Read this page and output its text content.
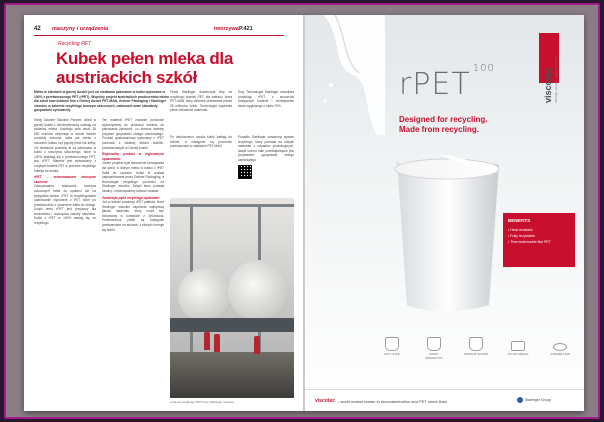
42 maszyny i urządzenia	tworzywa P.421
Recycling PET
Kubek pełen mleka dla austriackich szkół

Mleko w szkołach w górnej Austrii jest od niedawna pakowane w kubki wykonane w 100% z przetworzonego PET (rPET). Wspólny projekt austriackich producentów mleka dla szkół oraz kubków firm z Górnej Austrii PET-MAN, Greiner Packaging i Starlinger viscotec w zakresie recyklingu tworzyw sztucznych, ustanowił nowe standardy gospodarki cyrkularnej.

Kiedy Szkolne Szkolnie Piorkee, dzieci w górnej Austrii z niecierpliwością czekają na szklankę mleka. Każdego dnia około 36 000 uczniów otrzymuje w szkole świeże produkty mleczne, takie jak mleko z owocami, kakao czy jogurty pitne lub kefiry. Od niedawna produkty te są pakowane w kubki z tworzywa sztucznego, które w 100% składają się z przetworzonego PET, tzw. rPET. Materiał jest wytwarzany z zużytych butelek PET w procesie recyklingu butelka do kubka.
rPET – zrównoważone tworzywo sztuczne
Zdecydowana większość tworzyw sztucznych trafia do spalarni lub na wysypiska śmieci. rPET to recyklingowane opakowanie wykonane z PET, które po przetworzeniu z powrotem trafia do obiegu. Dzięki temu rPET jest przyjazny dla środowiska i oszczędza zasoby naturalne. Kubki z rPET w 100% nadają się do recyklingu.
Ten materiał rPET zostanie ponownie wykorzystany do produkcji kubków do pakowania żywności, co stanowi świetny przykład gospodarki obiegu zamkniętego. Produkt opakowaniowy wykonany z rPET pochodzi z lokalnej zbiórki butelek, przetwarzanych w Górnej Austrii.
Regionalny produkt w regionalnym opakowaniu
Celem projektu było stworzenie rozwiązania dla szkół, w którym mleko w kubku z rPET trafia do uczniów. Kubki te zostały zaprojektowane przez Greiner Packaging, a technologia recyklingu pochodzi od Starlinger viscotec. Dzięki temu powstał lokalny i zrównoważony łańcuch dostaw.
Zamknięta pętla recyklingu opakowań
Już w trakcie produkcji rPET płatków, firma Starlinger viscotec zapewnia najwyższą jakość materiału, który może być stosowany w kontakcie z żywnością. Przetworzone płatki są następnie przetwarzane na arkusze, z których formuje się kubki.
Firma Starlinger dostarczyła linię do recyklingu butelek PET, dla zakładu, firma PET-MAN, który dziennie przetwarza ponad 25 milionów sztuk. Technologia zapewnia pełne odkażenie materiału.
Po zakończeniu użycia kubki trafiają do zbiórki, a następnie są ponownie przetwarzane w zakładzie PET-MAN.
Eng. Technologia Starlinger umożliwia produkcję rPET z surowców dostępnych lokalnie i zmniejszenie śladu węglowego o około 70%.
Ponadto Starlinger dostarczył system recyklingu, który pozwala na odzysk materiału z odpadów produkcyjnych, dzięki czemu całe przedsięwzięcie jest przykładem gospodarki obiegu zamkniętego.
Linia do recyklingu PET firmy Starlinger viscotec
rPET $^{100}$
Designed for recycling.
Made from recycling.
viscotec Starlinger viscotec – decontamination
BENEFITS
• Heat resistant
• Fully recyclable
• Thermoformable like PET
HOT CUPS	DAIRY PRODUCTS
INSTANT SOUPS	TO-GO MEALS	COFFEE LIDS
viscotec – world market leader in decontamination and PET sheet lines	Starlinger Group
